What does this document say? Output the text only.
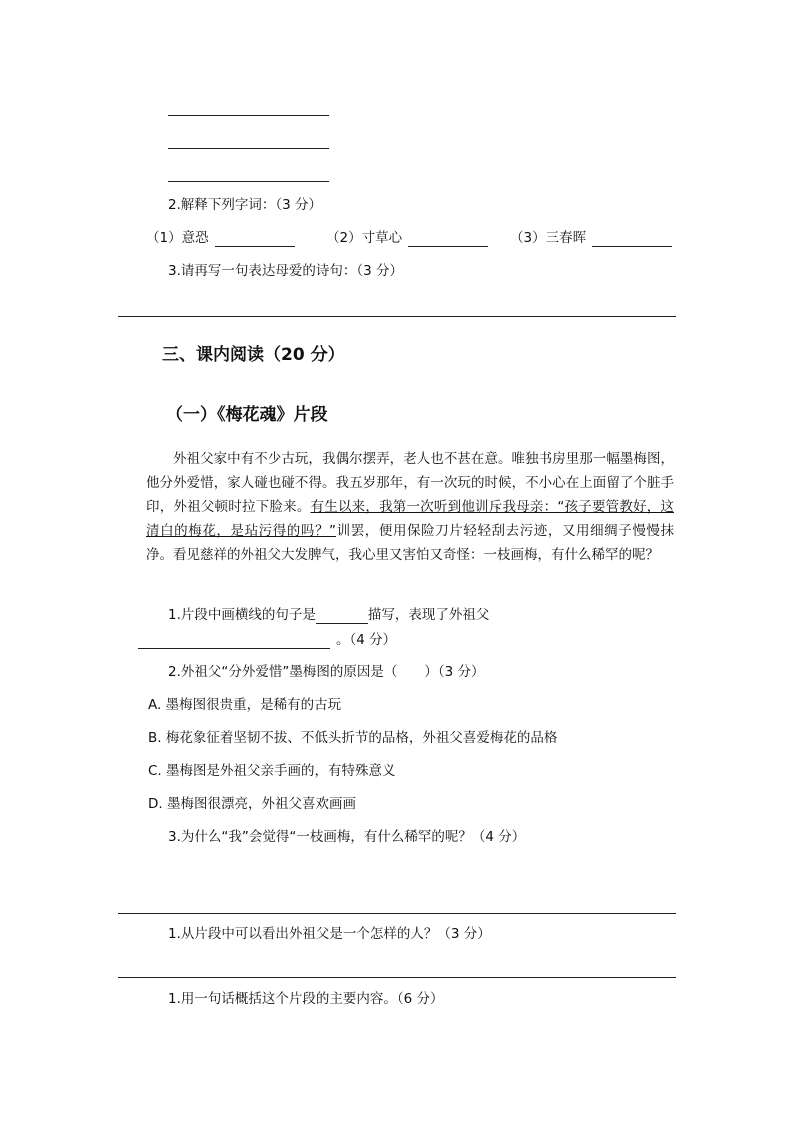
2.解释下列字词：（3 分）
（1）意恐	（2）寸草心	（3）三春晖
3.请再写一句表达母爱的诗句：（3 分）
三、课内阅读（20 分）
（一）《梅花魂》片段
外祖父家中有不少古玩，我偶尔摆弄，老人也不甚在意。唯独书房里那一幅墨梅图，他分外爱惜，家人碰也碰不得。我五岁那年，有一次玩的时候，不小心在上面留了个脏手印，外祖父顿时拉下脸来。有生以来，我第一次听到他训斥我母亲：“孩子要管教好，这清白的梅花，是玷污得的吗？”训罢，便用保险刀片轻轻刮去污迹，又用细绸子慢慢抹净。看见慈祥的外祖父大发脾气，我心里又害怕又奇怪：一枝画梅，有什么稀罕的呢？
1.片段中画横线的句子是	描写，表现了外祖父
。（4 分）
2.外祖父“分外爱惜”墨梅图的原因是（　　）（3 分）
A. 墨梅图很贵重，是稀有的古玩
B. 梅花象征着坚韧不拔、不低头折节的品格，外祖父喜爱梅花的品格
C. 墨梅图是外祖父亲手画的，有特殊意义
D. 墨梅图很漂亮，外祖父喜欢画画
3.为什么“我”会觉得“一枝画梅，有什么稀罕的呢？（4 分）
1.从片段中可以看出外祖父是一个怎样的人？（3 分）
1.用一句话概括这个片段的主要内容。（6 分）
